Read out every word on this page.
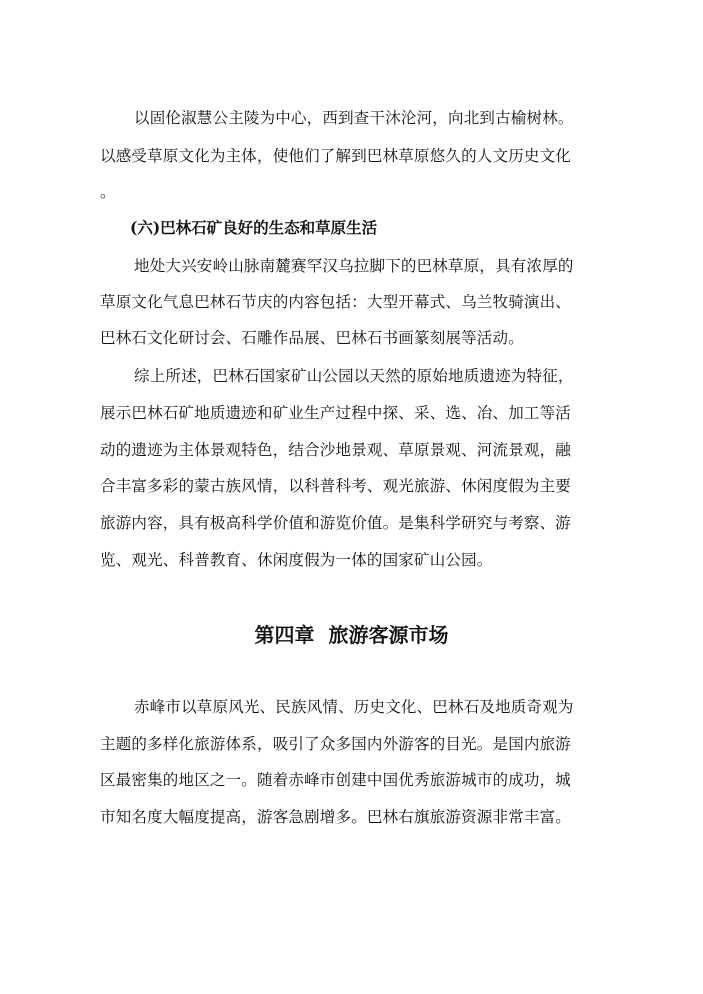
以固伦淑慧公主陵为中心，西到查干沐沦河，向北到古榆树林。
以感受草原文化为主体，使他们了解到巴林草原悠久的人文历史文化
。
(六)巴林石矿良好的生态和草原生活
地处大兴安岭山脉南麓赛罕汉乌拉脚下的巴林草原，具有浓厚的
草原文化气息巴林石节庆的内容包括：大型开幕式、乌兰牧骑演出、
巴林石文化研讨会、石雕作品展、巴林石书画篆刻展等活动。
综上所述，巴林石国家矿山公园以天然的原始地质遗迹为特征，
展示巴林石矿地质遗迹和矿业生产过程中探、采、选、冶、加工等活
动的遗迹为主体景观特色，结合沙地景观、草原景观、河流景观，融
合丰富多彩的蒙古族风情，以科普科考、观光旅游、休闲度假为主要
旅游内容，具有极高科学价值和游览价值。是集科学研究与考察、游
览、观光、科普教育、休闲度假为一体的国家矿山公园。
第四章  旅游客源市场
赤峰市以草原风光、民族风情、历史文化、巴林石及地质奇观为
主题的多样化旅游体系，吸引了众多国内外游客的目光。是国内旅游
区最密集的地区之一。随着赤峰市创建中国优秀旅游城市的成功，城
市知名度大幅度提高，游客急剧增多。巴林右旗旅游资源非常丰富。
